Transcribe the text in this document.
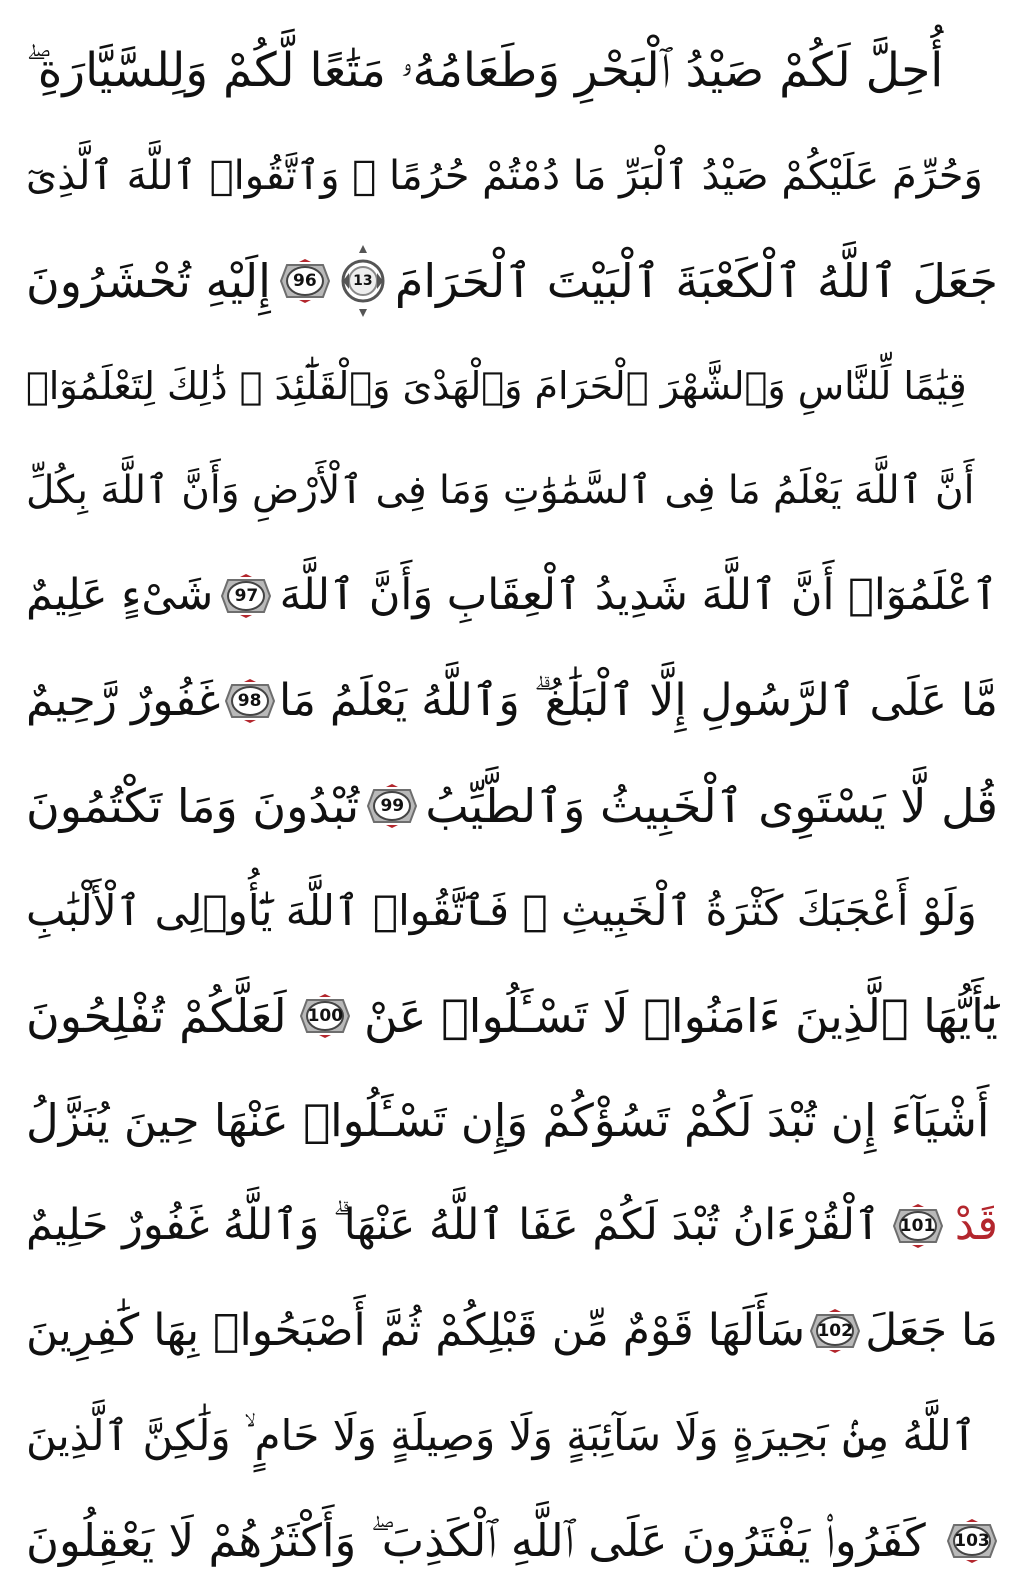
أُحِلَّ لَكُمْ صَيْدُ ٱلْبَحْرِ وَطَعَامُهُۥ مَتَٰعًا لَّكُمْ وَلِلسَّيَّارَةِ ۖ
وَحُرِّمَ عَلَيْكُمْ صَيْدُ ٱلْبَرِّ مَا دُمْتُمْ حُرُمًا ۗ وَٱتَّقُوا۟ ٱللَّهَ ٱلَّذِىٓ
إِلَيْهِ تُحْشَرُونَ 96	13 جَعَلَ ٱللَّهُ ٱلْكَعْبَةَ ٱلْبَيْتَ ٱلْحَرَامَ
قِيَٰمًا لِّلنَّاسِ وَٱلشَّهْرَ ٱلْحَرَامَ وَٱلْهَدْىَ وَٱلْقَلَٰٓئِدَ ۚ ذَٰلِكَ لِتَعْلَمُوٓا۟
أَنَّ ٱللَّهَ يَعْلَمُ مَا فِى ٱلسَّمَٰوَٰتِ وَمَا فِى ٱلْأَرْضِ وَأَنَّ ٱللَّهَ بِكُلِّ
شَىْءٍ عَلِيمٌ 97 ٱعْلَمُوٓا۟ أَنَّ ٱللَّهَ شَدِيدُ ٱلْعِقَابِ وَأَنَّ ٱللَّهَ
غَفُورٌ رَّحِيمٌ 98 مَّا عَلَى ٱلرَّسُولِ إِلَّا ٱلْبَلَٰغُ ۗ وَٱللَّهُ يَعْلَمُ مَا
تُبْدُونَ وَمَا تَكْتُمُونَ 99 قُل لَّا يَسْتَوِى ٱلْخَبِيثُ وَٱلطَّيِّبُ
وَلَوْ أَعْجَبَكَ كَثْرَةُ ٱلْخَبِيثِ ۚ فَٱتَّقُوا۟ ٱللَّهَ يَٰٓأُو۟لِى ٱلْأَلْبَٰبِ
لَعَلَّكُمْ تُفْلِحُونَ 100 يَٰٓأَيُّهَا ٱلَّذِينَ ءَامَنُوا۟ لَا تَسْـَٔلُوا۟ عَنْ
أَشْيَآءَ إِن تُبْدَ لَكُمْ تَسُؤْكُمْ وَإِن تَسْـَٔلُوا۟ عَنْهَا حِينَ يُنَزَّلُ
ٱلْقُرْءَانُ تُبْدَ لَكُمْ عَفَا ٱللَّهُ عَنْهَا ۗ وَٱللَّهُ غَفُورٌ حَلِيمٌ 101 قَدْ
سَأَلَهَا قَوْمٌ مِّن قَبْلِكُمْ ثُمَّ أَصْبَحُوا۟ بِهَا كَٰفِرِينَ 102 مَا جَعَلَ
ٱللَّهُ مِنۢ بَحِيرَةٍ وَلَا سَآئِبَةٍ وَلَا وَصِيلَةٍ وَلَا حَامٍ ۙ وَلَٰكِنَّ ٱلَّذِينَ
كَفَرُوا۟ يَفْتَرُونَ عَلَى ٱللَّهِ ٱلْكَذِبَ ۖ وَأَكْثَرُهُمْ لَا يَعْقِلُونَ 103
